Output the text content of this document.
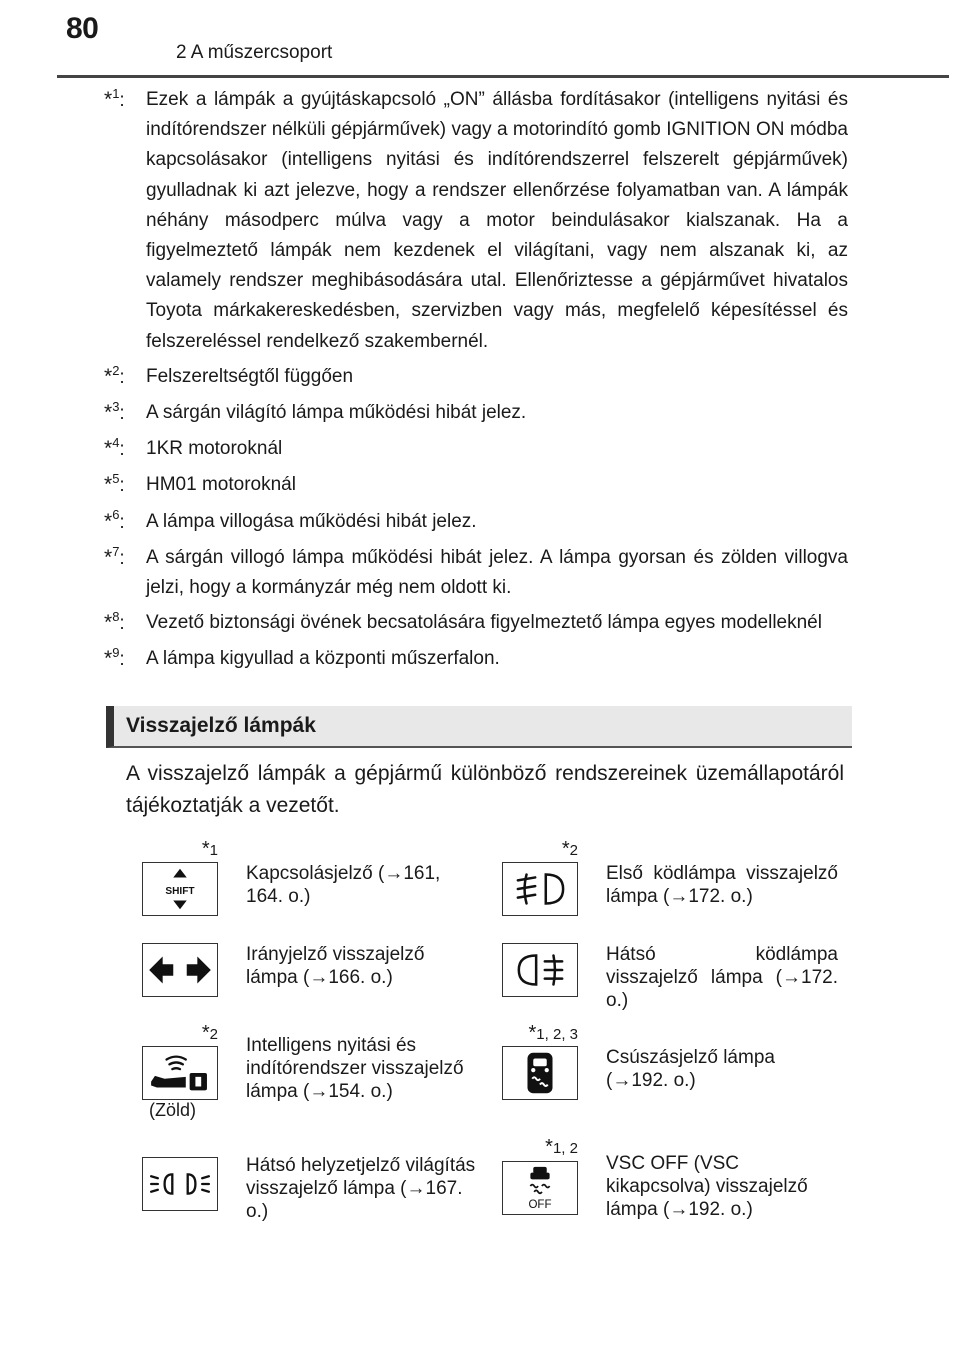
80
2 A műszercsoport
*$^1$:	Ezek a lámpák a gyújtáskapcsoló „ON” állásba fordításakor (intelligens nyitási és indítórendszer nélküli gépjárművek) vagy a motorindító gomb IGNITION ON módba kapcsolásakor (intelligens nyitási és indítórendszerrel felszerelt gépjárművek) gyulladnak ki azt jelezve, hogy a rendszer ellenőrzése folyamatban van. A lámpák néhány másodperc múlva vagy a motor beindulásakor kialszanak. Ha a figyelmeztető lámpák nem kezdenek el világítani, vagy nem alszanak ki, az valamely rendszer meghibásodására utal. Ellenőriztesse a gépjárművet hivatalos Toyota márkakereskedésben, szervizben vagy más, megfelelő képesítéssel és felszereléssel rendelkező szakembernél.
*$^2$:	Felszereltségtől függően
*$^3$:	A sárgán világító lámpa működési hibát jelez.
*$^4$:	1KR motoroknál
*$^5$:	HM01 motoroknál
*$^6$:	A lámpa villogása működési hibát jelez.
*$^7$:	A sárgán villogó lámpa működési hibát jelez. A lámpa gyorsan és zölden villogva jelzi, hogy a kormányzár még nem oldott ki.
*$^8$:	Vezető biztonsági övének becsatolására figyelmeztető lámpa egyes modelleknél
*$^9$:	A lámpa kigyullad a központi műszerfalon.
Visszajelző lámpák
A visszajelző lámpák a gépjármű különböző rendszereinek üzemállapotáról tájékoztatják a vezetőt.
*1
SHIFT
Kapcsolásjelző (→161, 164. o.)
*2
Első ködlámpa visszajelző lámpa (→172. o.)
Irányjelző visszajelző lámpa (→166. o.)
Hátsó ködlámpa visszajelző lámpa (→172. o.)
*2
(Zöld)
Intelligens nyitási és indítórendszer visszajelző lámpa (→154. o.)
*1, 2, 3
Csúszásjelző lámpa (→192. o.)
Hátsó helyzetjelző világítás visszajelző lámpa (→167. o.)
*1, 2
OFF
VSC OFF (VSC kikapcsolva) visszajelző lámpa (→192. o.)
